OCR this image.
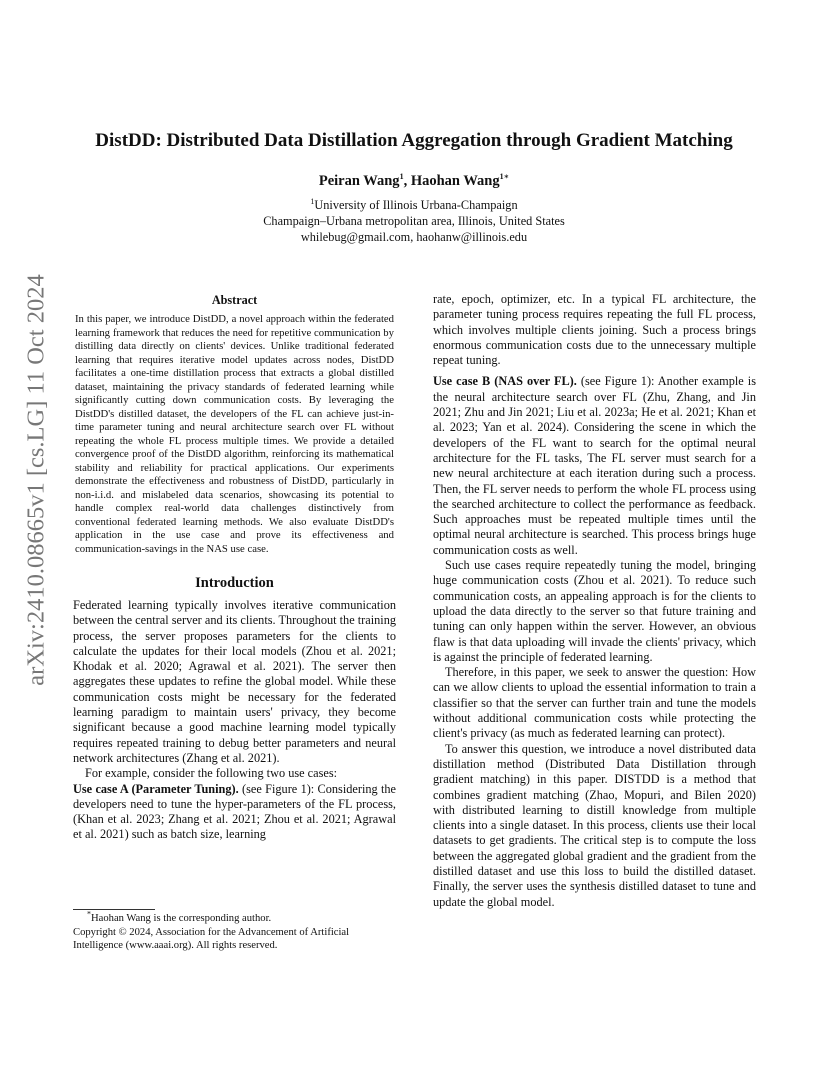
DistDD: Distributed Data Distillation Aggregation through Gradient Matching
Peiran Wang$^1$, Haohan Wang$^{1∗}$
$^1$University of Illinois Urbana-Champaign
Champaign–Urbana metropolitan area, Illinois, United States
whilebug@gmail.com, haohanw@illinois.edu
arXiv:2410.08665v1 [cs.LG] 11 Oct 2024	Abstract

In this paper, we introduce DistDD, a novel approach within the federated learning framework that reduces the need for repetitive communication by distilling data directly on clients' devices. Unlike traditional federated learning that requires iterative model updates across nodes, DistDD facilitates a one-time distillation process that extracts a global distilled dataset, maintaining the privacy standards of federated learning while significantly cutting down communication costs. By leveraging the DistDD's distilled dataset, the developers of the FL can achieve just-in-time parameter tuning and neural architecture search over FL without repeating the whole FL process multiple times. We provide a detailed convergence proof of the DistDD algorithm, reinforcing its mathematical stability and reliability for practical applications. Our experiments demonstrate the effectiveness and robustness of DistDD, particularly in non-i.i.d. and mislabeled data scenarios, showcasing its potential to handle complex real-world data challenges distinctively from conventional federated learning methods. We also evaluate DistDD's application in the use case and prove its effectiveness and communication-savings in the NAS use case.

Introduction

Federated learning typically involves iterative communication between the central server and its clients. Throughout the training process, the server proposes parameters for the clients to calculate the updates for their local models (Zhou et al. 2021; Khodak et al. 2020; Agrawal et al. 2021). The server then aggregates these updates to refine the global model. While these communication costs might be necessary for the federated learning paradigm to maintain users' privacy, they become significant because a good machine learning model typically requires repeated training to debug better parameters and neural network architectures (Zhang et al. 2021).

For example, consider the following two use cases:

Use case A (Parameter Tuning). (see Figure 1): Considering the developers need to tune the hyper-parameters of the FL process, (Khan et al. 2023; Zhang et al. 2021; Zhou et al. 2021; Agrawal et al. 2021) such as batch size, learning

*Haohan Wang is the corresponding author.
Copyright © 2024, Association for the Advancement of Artificial Intelligence (www.aaai.org). All rights reserved.

rate, epoch, optimizer, etc. In a typical FL architecture, the parameter tuning process requires repeating the full FL process, which involves multiple clients joining. Such a process brings enormous communication costs due to the unnecessary multiple repeat tuning.

Use case B (NAS over FL). (see Figure 1): Another example is the neural architecture search over FL (Zhu, Zhang, and Jin 2021; Zhu and Jin 2021; Liu et al. 2023a; He et al. 2021; Khan et al. 2023; Yan et al. 2024). Considering the scene in which the developers of the FL want to search for the optimal neural architecture for the FL tasks, The FL server must search for a new neural architecture at each iteration during such a process. Then, the FL server needs to perform the whole FL process using the searched architecture to collect the performance as feedback. Such approaches must be repeated multiple times until the optimal neural architecture is searched. This process brings huge communication costs as well.

Such use cases require repeatedly tuning the model, bringing huge communication costs (Zhou et al. 2021). To reduce such communication costs, an appealing approach is for the clients to upload the data directly to the server so that future training and tuning can only happen within the server. However, an obvious flaw is that data uploading will invade the clients' privacy, which is against the principle of federated learning.

Therefore, in this paper, we seek to answer the question: How can we allow clients to upload the essential information to train a classifier so that the server can further train and tune the models without additional communication costs while protecting the client's privacy (as much as federated learning can protect).

To answer this question, we introduce a novel distributed data distillation method (Distributed Data Distillation through gradient matching) in this paper. DISTDD is a method that combines gradient matching (Zhao, Mopuri, and Bilen 2020) with distributed learning to distill knowledge from multiple clients into a single dataset. In this process, clients use their local datasets to get gradients. The critical step is to compute the loss between the aggregated global gradient and the gradient from the distilled dataset and use this loss to build the distilled dataset. Finally, the server uses the synthesis distilled dataset to tune and update the global model.
